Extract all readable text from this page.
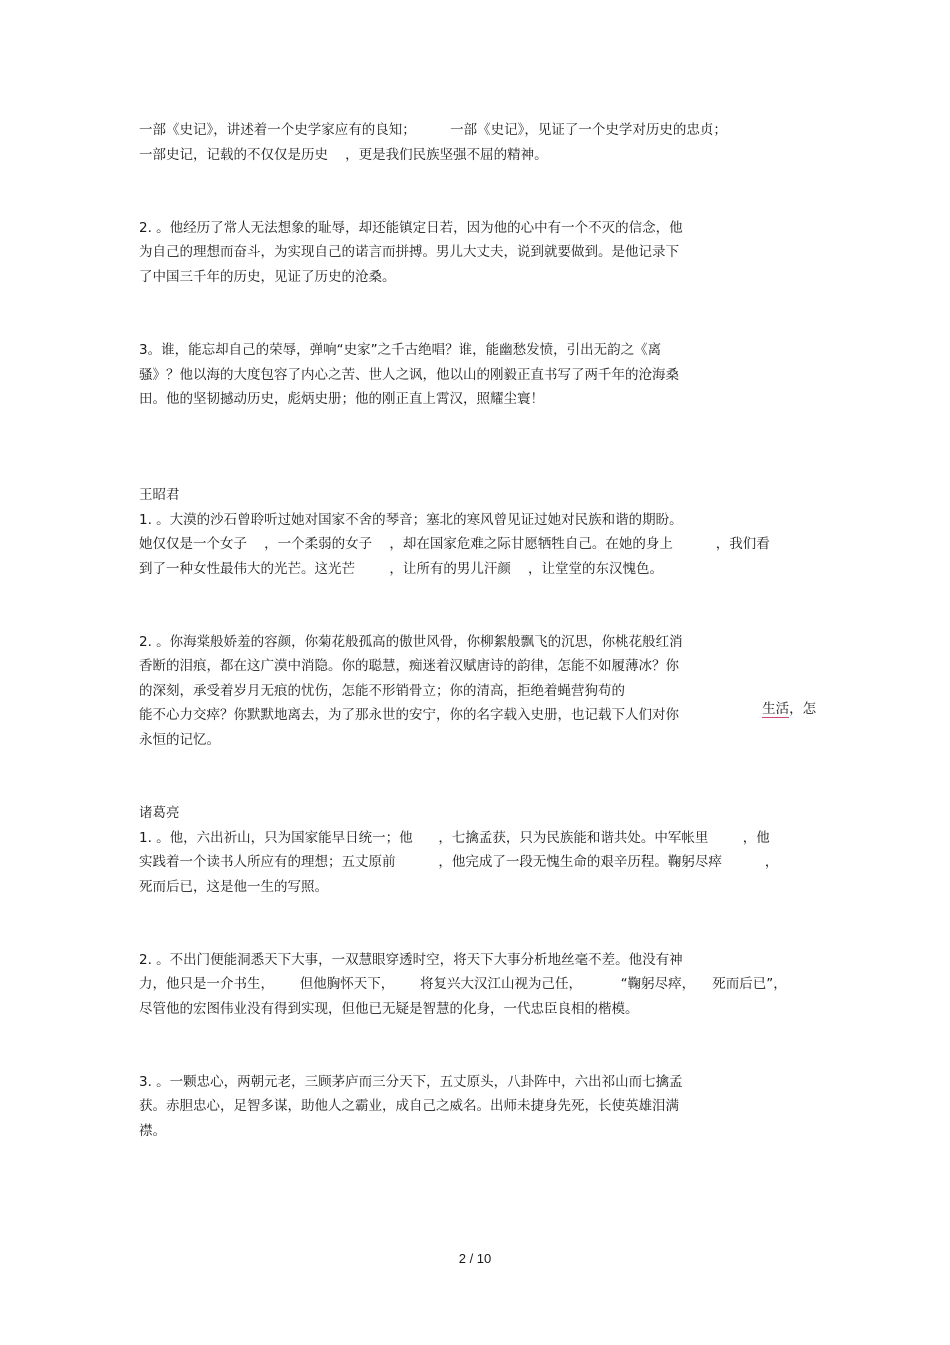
一部《史记》，讲述着一个史学家应有的良知；        一部《史记》，见证了一个史学对历史的忠贞；
一部史记，记载的不仅仅是历史    ，更是我们民族坚强不屈的精神。
2. 。他经历了常人无法想象的耻辱，却还能镇定日若，因为他的心中有一个不灭的信念，他
为自己的理想而奋斗，为实现自己的诺言而拼搏。男儿大丈夫，说到就要做到。是他记录下
了中国三千年的历史，见证了历史的沧桑。
3。谁，能忘却自己的荣辱，弹响“史家”之千古绝唱？谁，能幽愁发愤，引出无韵之《离
骚》？他以海的大度包容了内心之苦、世人之讽，他以山的刚毅正直书写了两千年的沧海桑
田。他的坚韧撼动历史，彪炳史册；他的刚正直上霄汉，照耀尘寰！
王昭君
1. 。大漠的沙石曾聆听过她对国家不舍的琴音；塞北的寒风曾见证过她对民族和谐的期盼。
她仅仅是一个女子    ，一个柔弱的女子    ，却在国家危难之际甘愿牺牲自己。在她的身上          ，我们看
到了一种女性最伟大的光芒。这光芒        ，让所有的男儿汗颜    ，让堂堂的东汉愧色。
2. 。你海棠般娇羞的容颜，你菊花般孤高的傲世风骨，你柳絮般飘飞的沉思，你桃花般红消
香断的泪痕，都在这广漠中消隐。你的聪慧，痴迷着汉赋唐诗的韵律，怎能不如履薄冰？你
的深刻，承受着岁月无痕的忧伤，怎能不形销骨立；你的清高，拒绝着蝇营狗苟的

生活，怎

能不心力交瘁？你默默地离去，为了那永世的安宁，你的名字载入史册，也记载下人们对你
永恒的记忆。
诸葛亮
1. 。他，六出祈山，只为国家能早日统一；他      ，七擒孟获，只为民族能和谐共处。中军帐里        ，他
实践着一个读书人所应有的理想；五丈原前          ，他完成了一段无愧生命的艰辛历程。鞠躬尽瘁          ，
死而后已，这是他一生的写照。
2. 。不出门便能洞悉天下大事，一双慧眼穿透时空，将天下大事分析地丝毫不差。他没有神
力，他只是一介书生，      但他胸怀天下，      将复兴大汉江山视为己任，         “鞠躬尽瘁，    死而后已”，
尽管他的宏图伟业没有得到实现，但他已无疑是智慧的化身，一代忠臣良相的楷模。
3. 。一颗忠心，两朝元老，三顾茅庐而三分天下，五丈原头，八卦阵中，六出祁山而七擒孟
获。赤胆忠心，足智多谋，助他人之霸业，成自己之威名。出师未捷身先死，长使英雄泪满
襟。
2 / 10
